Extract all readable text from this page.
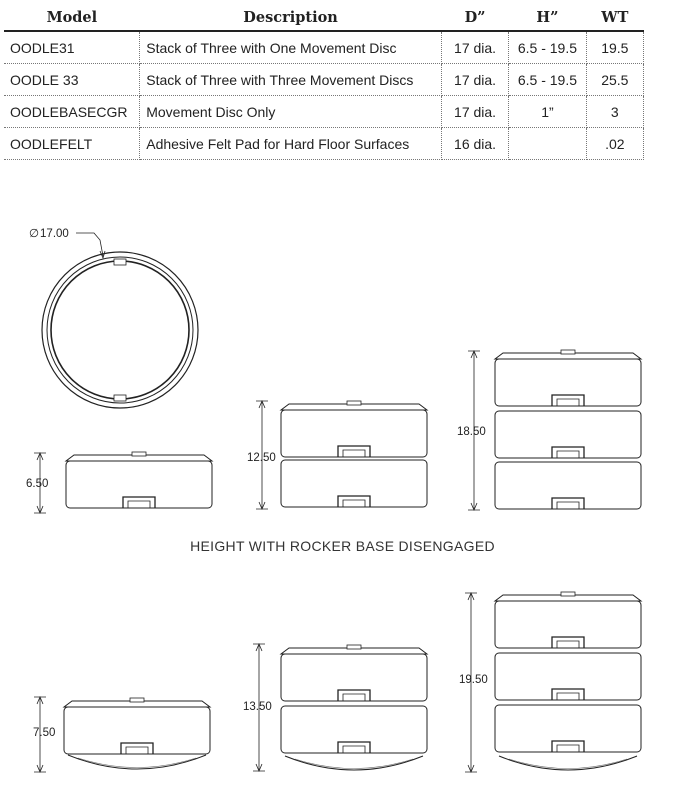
Model	Description	D”	H”	WT
OODLE31	Stack of Three with One Movement Disc	17 dia.	6.5 - 19.5	19.5
OODLE 33	Stack of Three with Three Movement Discs	17 dia.	6.5 - 19.5	25.5
OODLEBASECGR	Movement Disc Only	17 dia.	1”	3
OODLEFELT	Adhesive Felt Pad for Hard Floor Surfaces	16 dia.		.02
∅17.00
6.50
12.50
18.50
7.50
13.50
19.50
HEIGHT WITH ROCKER BASE DISENGAGED
